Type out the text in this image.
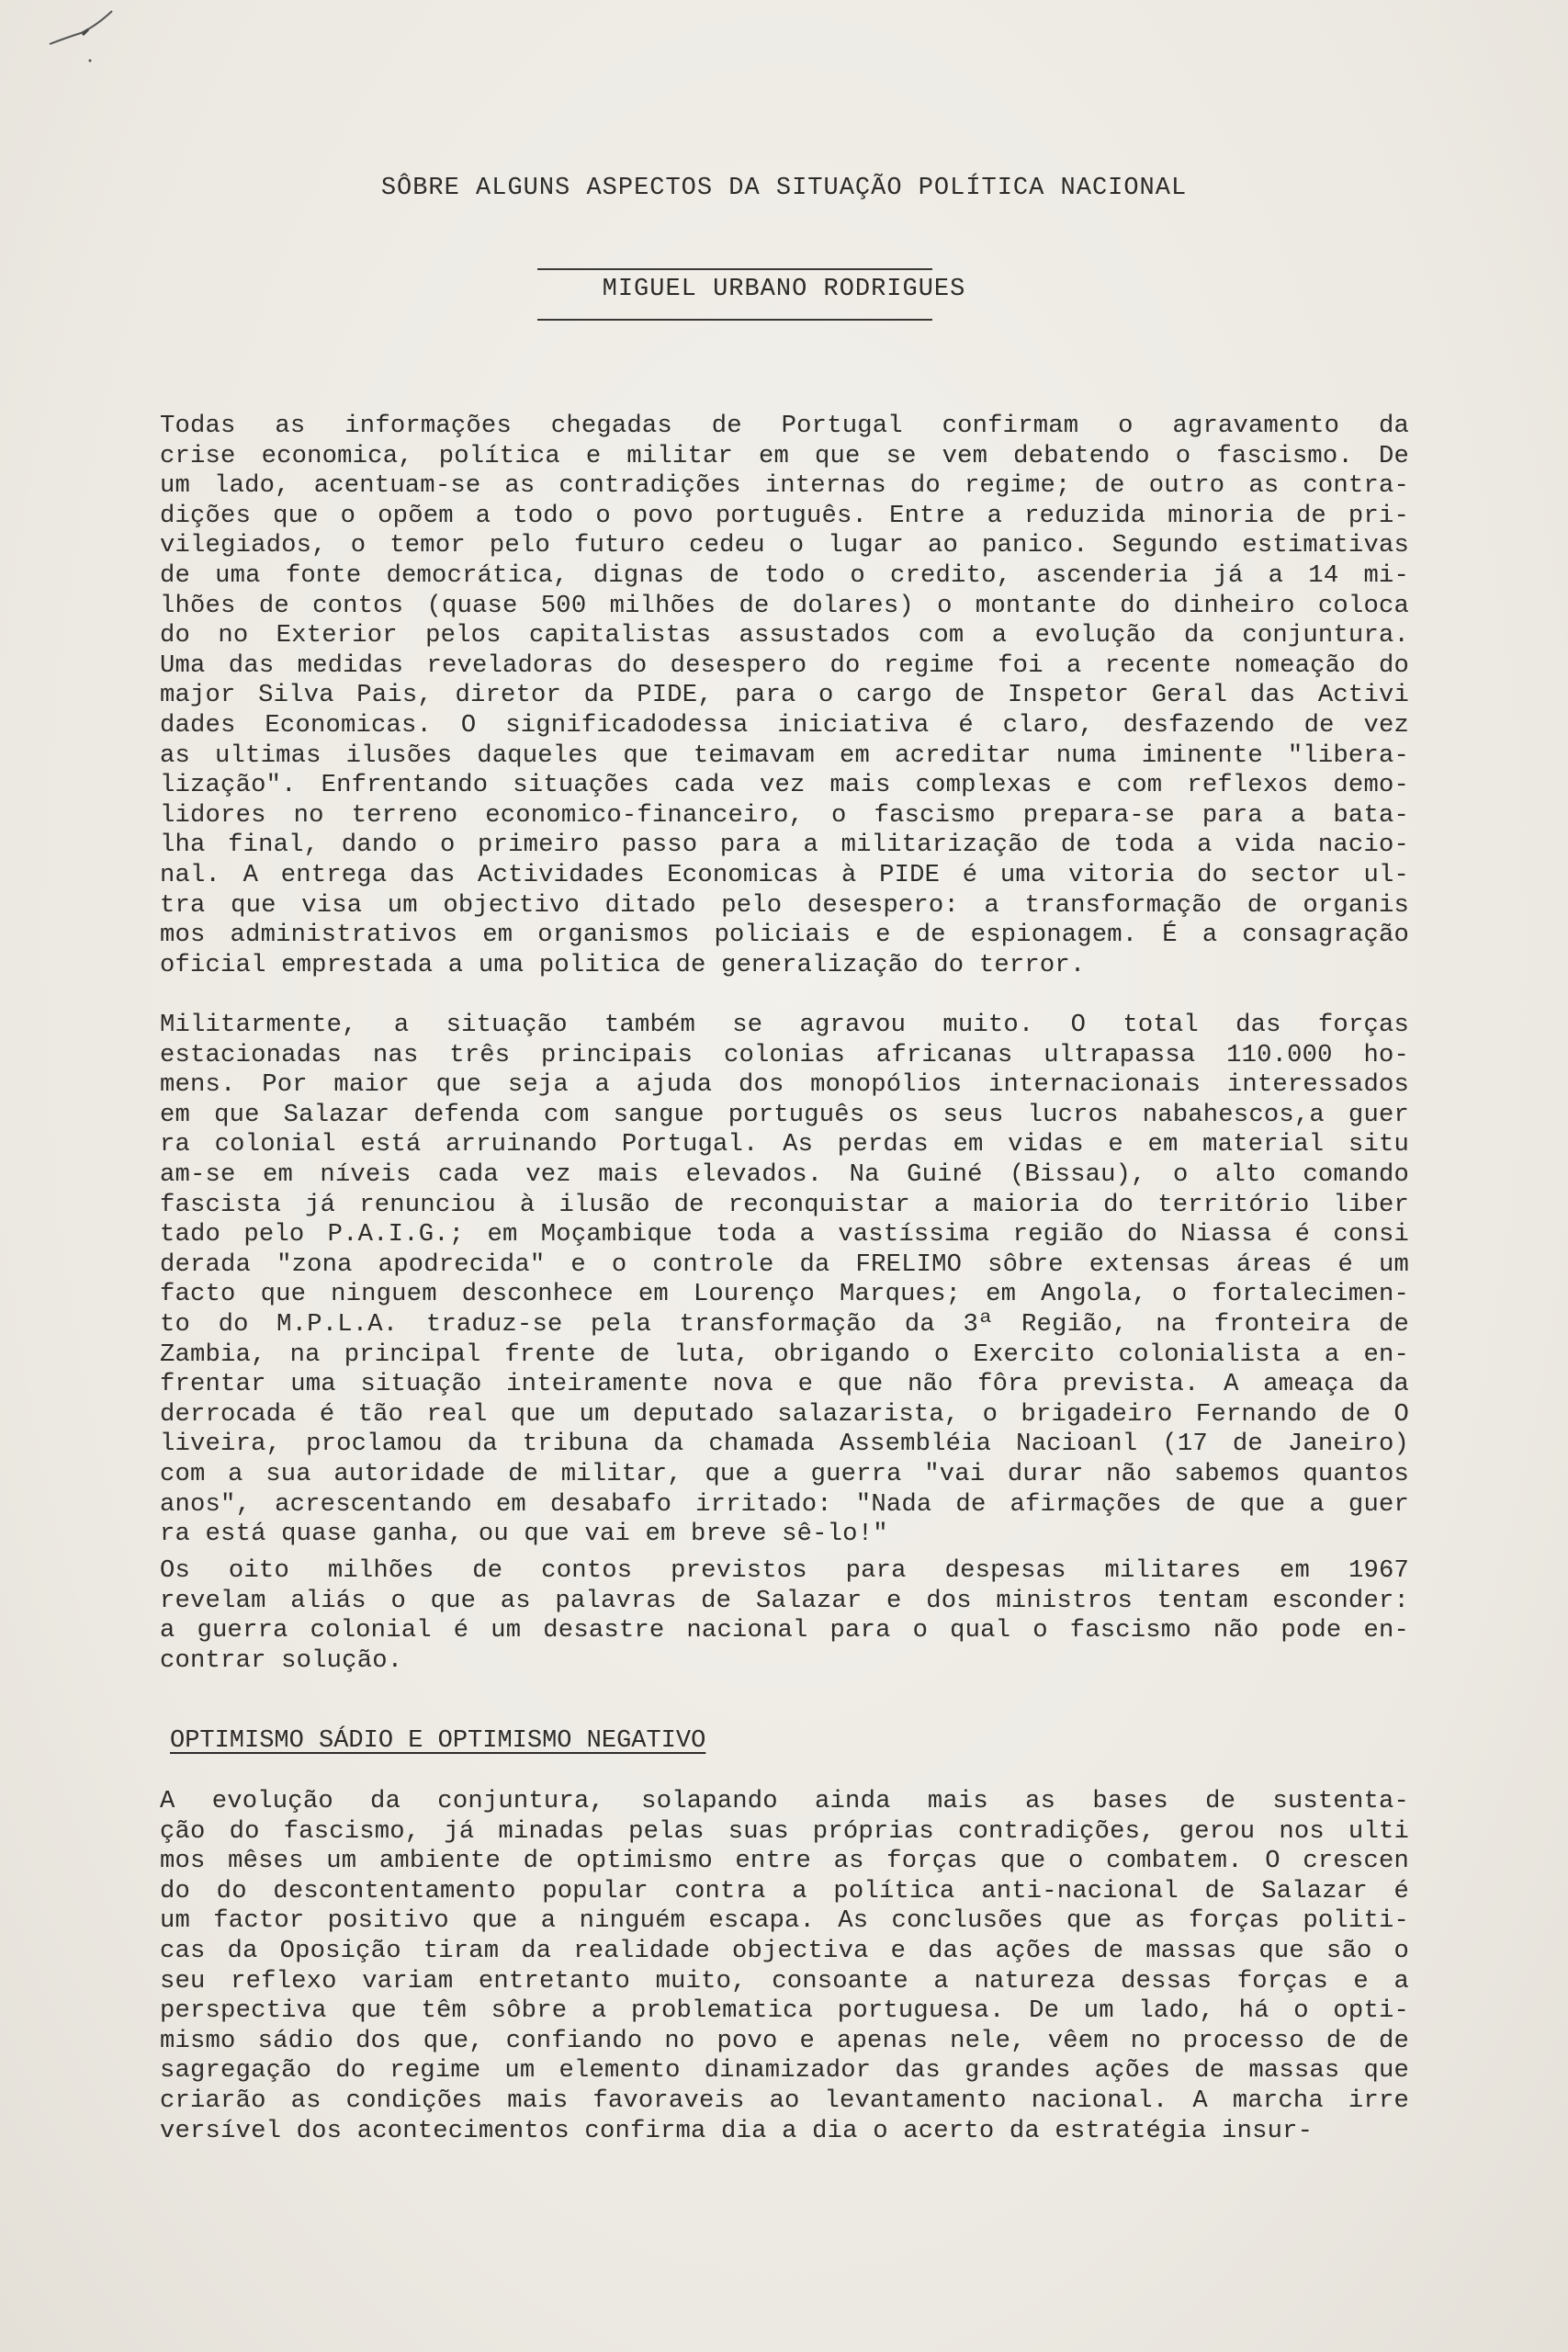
SÔBRE ALGUNS ASPECTOS DA SITUAÇÃO POLÍTICA NACIONAL
MIGUEL URBANO RODRIGUES
Todas as informações chegadas de Portugal confirmam o agravamento da
crise economica, política e militar em que se vem debatendo o fascismo. De
um lado, acentuam-se as contradições internas do regime; de outro as contra-
dições que o opõem a todo o povo português. Entre a reduzida minoria de pri-
vilegiados, o temor pelo futuro cedeu o lugar ao panico. Segundo estimativas
de uma fonte democrática, dignas de todo o credito, ascenderia já a 14 mi-
lhões de contos (quase 500 milhões de dolares) o montante do dinheiro coloca
do no Exterior pelos capitalistas assustados com a evolução da conjuntura.
Uma das medidas reveladoras do desespero do regime foi a recente nomeação do
major Silva Pais, diretor da PIDE, para o cargo de Inspetor Geral das Activi
dades Economicas. O significadodessa iniciativa é claro, desfazendo de vez
as ultimas ilusões daqueles que teimavam em acreditar numa iminente "libera-
lização". Enfrentando situações cada vez mais complexas e com reflexos demo-
lidores no terreno economico-financeiro, o fascismo prepara-se para a bata-
lha final, dando o primeiro passo para a militarização de toda a vida nacio-
nal. A entrega das Actividades Economicas à PIDE é uma vitoria do sector ul-
tra que visa um objectivo ditado pelo desespero: a transformação de organis
mos administrativos em organismos policiais e de espionagem. É a consagração
oficial emprestada a uma politica de generalização do terror.
Militarmente, a situação também se agravou muito. O total das forças
estacionadas nas três principais colonias africanas ultrapassa 110.000 ho-
mens. Por maior que seja a ajuda dos monopólios internacionais interessados
em que Salazar defenda com sangue português os seus lucros nabahescos,a guer
ra colonial está arruinando Portugal. As perdas em vidas e em material situ
am-se em níveis cada vez mais elevados. Na Guiné (Bissau), o alto comando
fascista já renunciou à ilusão de reconquistar a maioria do território liber
tado pelo P.A.I.G.; em Moçambique toda a vastíssima região do Niassa é consi
derada "zona apodrecida" e o controle da FRELIMO sôbre extensas áreas é um
facto que ninguem desconhece em Lourenço Marques; em Angola, o fortalecimen-
to do M.P.L.A. traduz-se pela transformação da 3ª Região, na fronteira de
Zambia, na principal frente de luta, obrigando o Exercito colonialista a en-
frentar uma situação inteiramente nova e que não fôra prevista. A ameaça da
derrocada é tão real que um deputado salazarista, o brigadeiro Fernando de O
liveira, proclamou da tribuna da chamada Assembléia Nacioanl (17 de Janeiro)
com a sua autoridade de militar, que a guerra "vai durar não sabemos quantos
anos", acrescentando em desabafo irritado: "Nada de afirmações de que a guer
ra está quase ganha, ou que vai em breve sê-lo!"
Os oito milhões de contos previstos para despesas militares em 1967
revelam aliás o que as palavras de Salazar e dos ministros tentam esconder:
a guerra colonial é um desastre nacional para o qual o fascismo não pode en-
contrar solução.
OPTIMISMO SÁDIO E OPTIMISMO NEGATIVO
A evolução da conjuntura, solapando ainda mais as bases de sustenta-
ção do fascismo, já minadas pelas suas próprias contradições, gerou nos ulti
mos mêses um ambiente de optimismo entre as forças que o combatem. O crescen
do do descontentamento popular contra a política anti-nacional de Salazar é
um factor positivo que a ninguém escapa. As conclusões que as forças politi-
cas da Oposição tiram da realidade objectiva e das ações de massas que são o
seu reflexo variam entretanto muito, consoante a natureza dessas forças e a
perspectiva que têm sôbre a problematica portuguesa. De um lado, há o opti-
mismo sádio dos que, confiando no povo e apenas nele, vêem no processo de de
sagregação do regime um elemento dinamizador das grandes ações de massas que
criarão as condições mais favoraveis ao levantamento nacional. A marcha irre
versível dos acontecimentos confirma dia a dia o acerto da estratégia insur-
